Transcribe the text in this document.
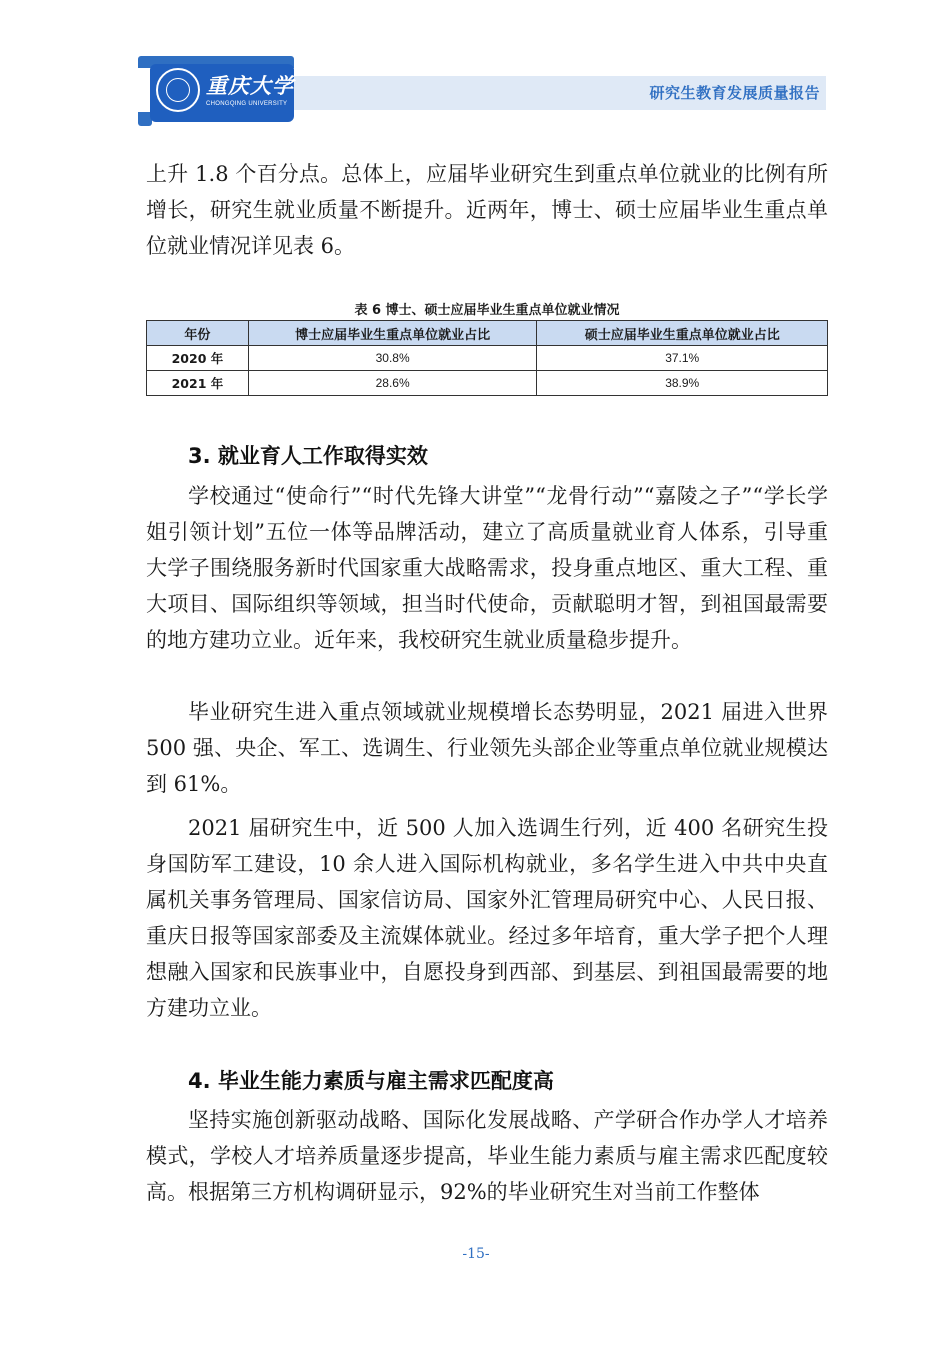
重庆大学
CHONGQING UNIVERSITY
研究生教育发展质量报告

上升 1.8 个百分点。总体上，应届毕业研究生到重点单位就业的比例有所增长，研究生就业质量不断提升。近两年，博士、硕士应届毕业生重点单位就业情况详见表 6。

表 6 博士、硕士应届毕业生重点单位就业情况
年份	博士应届毕业生重点单位就业占比	硕士应届毕业生重点单位就业占比
2020 年	30.8%	37.1%
2021 年	28.6%	38.9%
3. 就业育人工作取得实效

学校通过“使命行”“时代先锋大讲堂”“龙骨行动”“嘉陵之子”“学长学姐引领计划”五位一体等品牌活动，建立了高质量就业育人体系，引导重大学子围绕服务新时代国家重大战略需求，投身重点地区、重大工程、重大项目、国际组织等领域，担当时代使命，贡献聪明才智，到祖国最需要的地方建功立业。近年来，我校研究生就业质量稳步提升。

毕业研究生进入重点领域就业规模增长态势明显，2021 届进入世界 500 强、央企、军工、选调生、行业领先头部企业等重点单位就业规模达到 61%。

2021 届研究生中，近 500 人加入选调生行列，近 400 名研究生投身国防军工建设，10 余人进入国际机构就业，多名学生进入中共中央直属机关事务管理局、国家信访局、国家外汇管理局研究中心、人民日报、重庆日报等国家部委及主流媒体就业。经过多年培育，重大学子把个人理想融入国家和民族事业中，自愿投身到西部、到基层、到祖国最需要的地方建功立业。

4. 毕业生能力素质与雇主需求匹配度高

坚持实施创新驱动战略、国际化发展战略、产学研合作办学人才培养模式，学校人才培养质量逐步提高，毕业生能力素质与雇主需求匹配度较高。根据第三方机构调研显示，92%的毕业研究生对当前工作整体

-15-
